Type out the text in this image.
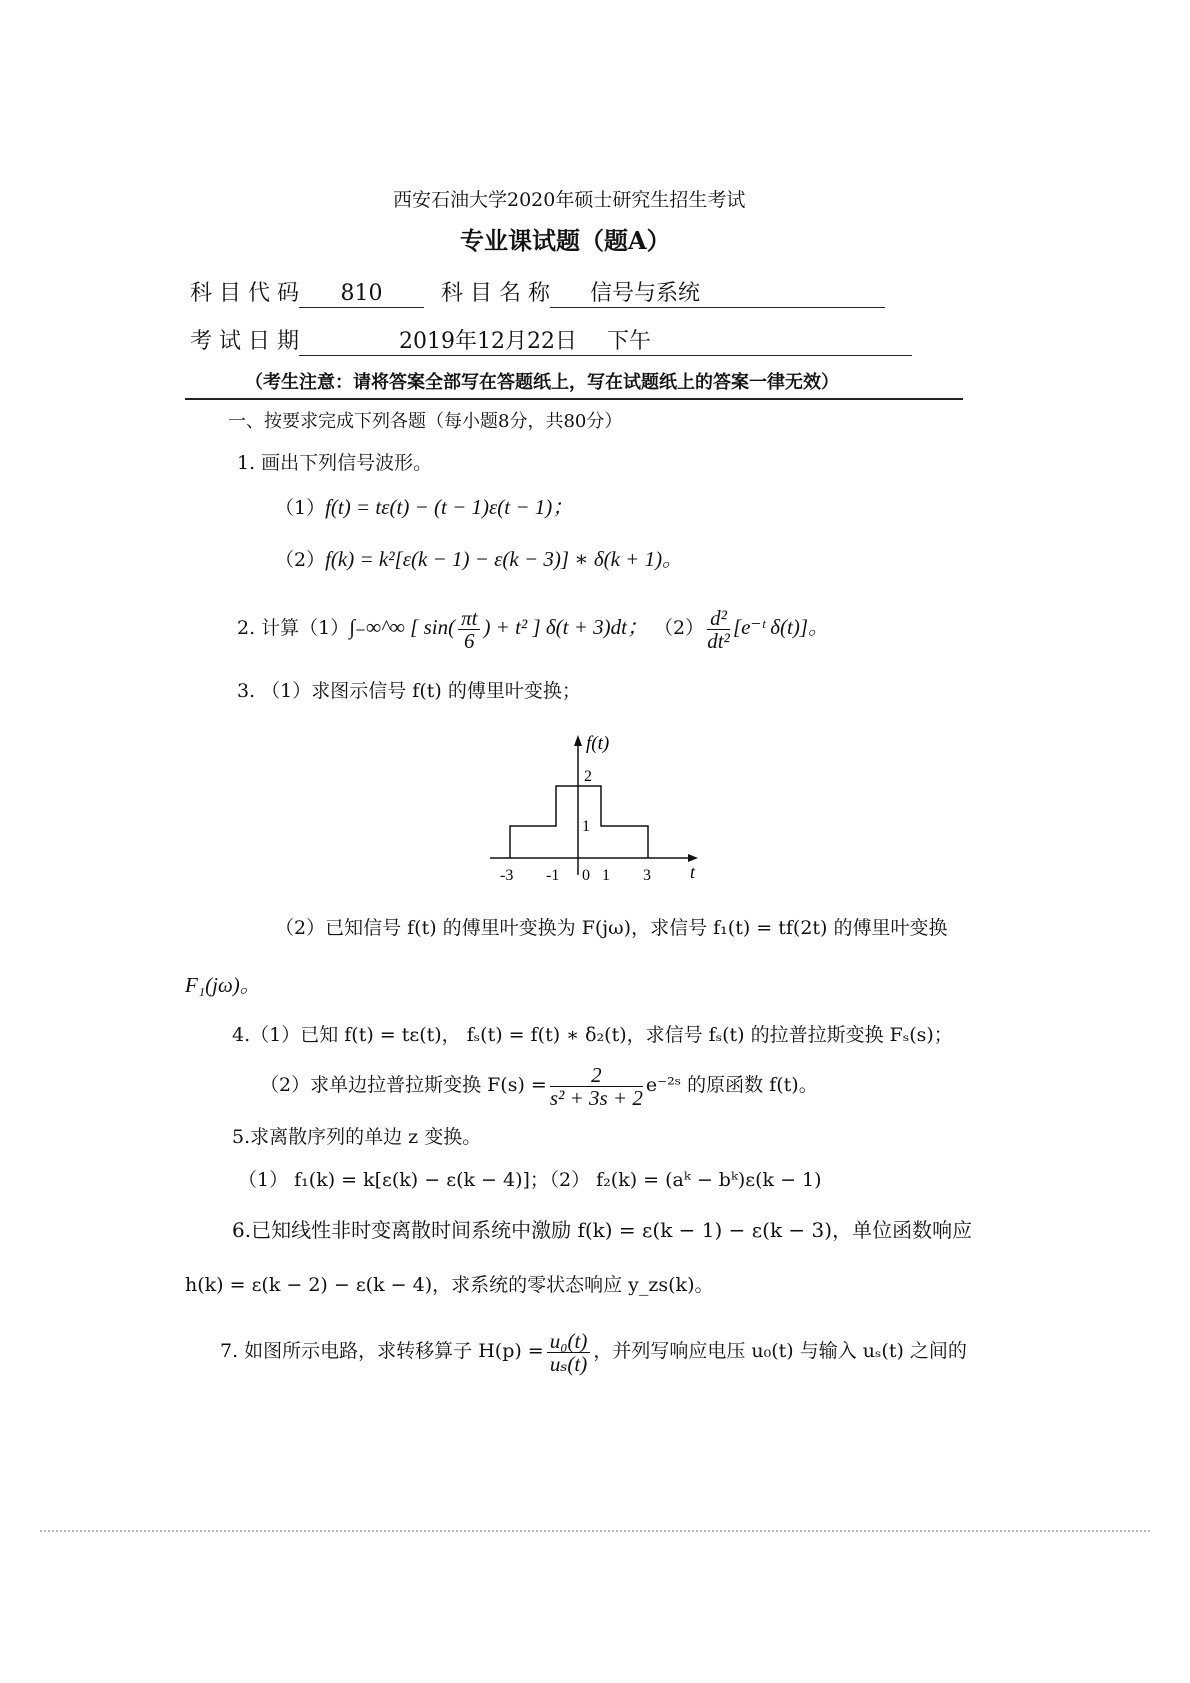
西安石油大学2020年硕士研究生招生考试
专业课试题（题A）
科 目 代 码 810	科 目 名 称 信号与系统
考 试 日 期	2019年12月22日 下午
（考生注意：请将答案全部写在答题纸上，写在试题纸上的答案一律无效）
一、按要求完成下列各题（每小题8分，共80分）
1. 画出下列信号波形。
（1）f(t) = tε(t) − (t − 1)ε(t − 1)；
（2）f(k) = k²[ε(k − 1) − ε(k − 3)] ∗ δ(k + 1)。
2. 计算（1）∫₋∞^∞ [ $\sin( \frac{\pi t}{6}$ ) + t² ] δ(t + 3)dt； $(2) \frac{\text{d²}}{\text{dt²}}$ [e⁻ᵗ δ(t)]。
3. （1）求图示信号 f(t) 的傅里叶变换；
f(t)
2
1
-3 -1 0 1 3 t
（2）已知信号 f(t) 的傅里叶变换为 F(jω)，求信号 f₁(t) = tf(2t) 的傅里叶变换
F₁(jω)。
4.（1）已知 f(t) = tε(t)， fₛ(t) = f(t) ∗ δ₂(t)，求信号 fₛ(t) 的拉普拉斯变换 Fₛ(s)；
（2）求单边拉普拉斯变换 $F(s) = \frac{2}{\text{s² + 3s + 2}}$ e⁻²ˢ 的原函数 f(t)。
5.求离散序列的单边 z 变换。
（1） f₁(k) = k[ε(k) − ε(k − 4)]；
（2） f₂(k) = (aᵏ − bᵏ)ε(k − 1)
6.已知线性非时变离散时间系统中激励 f(k) = ε(k − 1) − ε(k − 3)，单位函数响应
h(k) = ε(k − 2) − ε(k − 4)，求系统的零状态响应 y_zs(k)。
7. 如图所示电路，求转移算子 $H(p) = \frac{\text{u₀(t)}}{\text{uₛ(t)}}$ ，并列写响应电压 u₀(t) 与输入 uₛ(t) 之间的
